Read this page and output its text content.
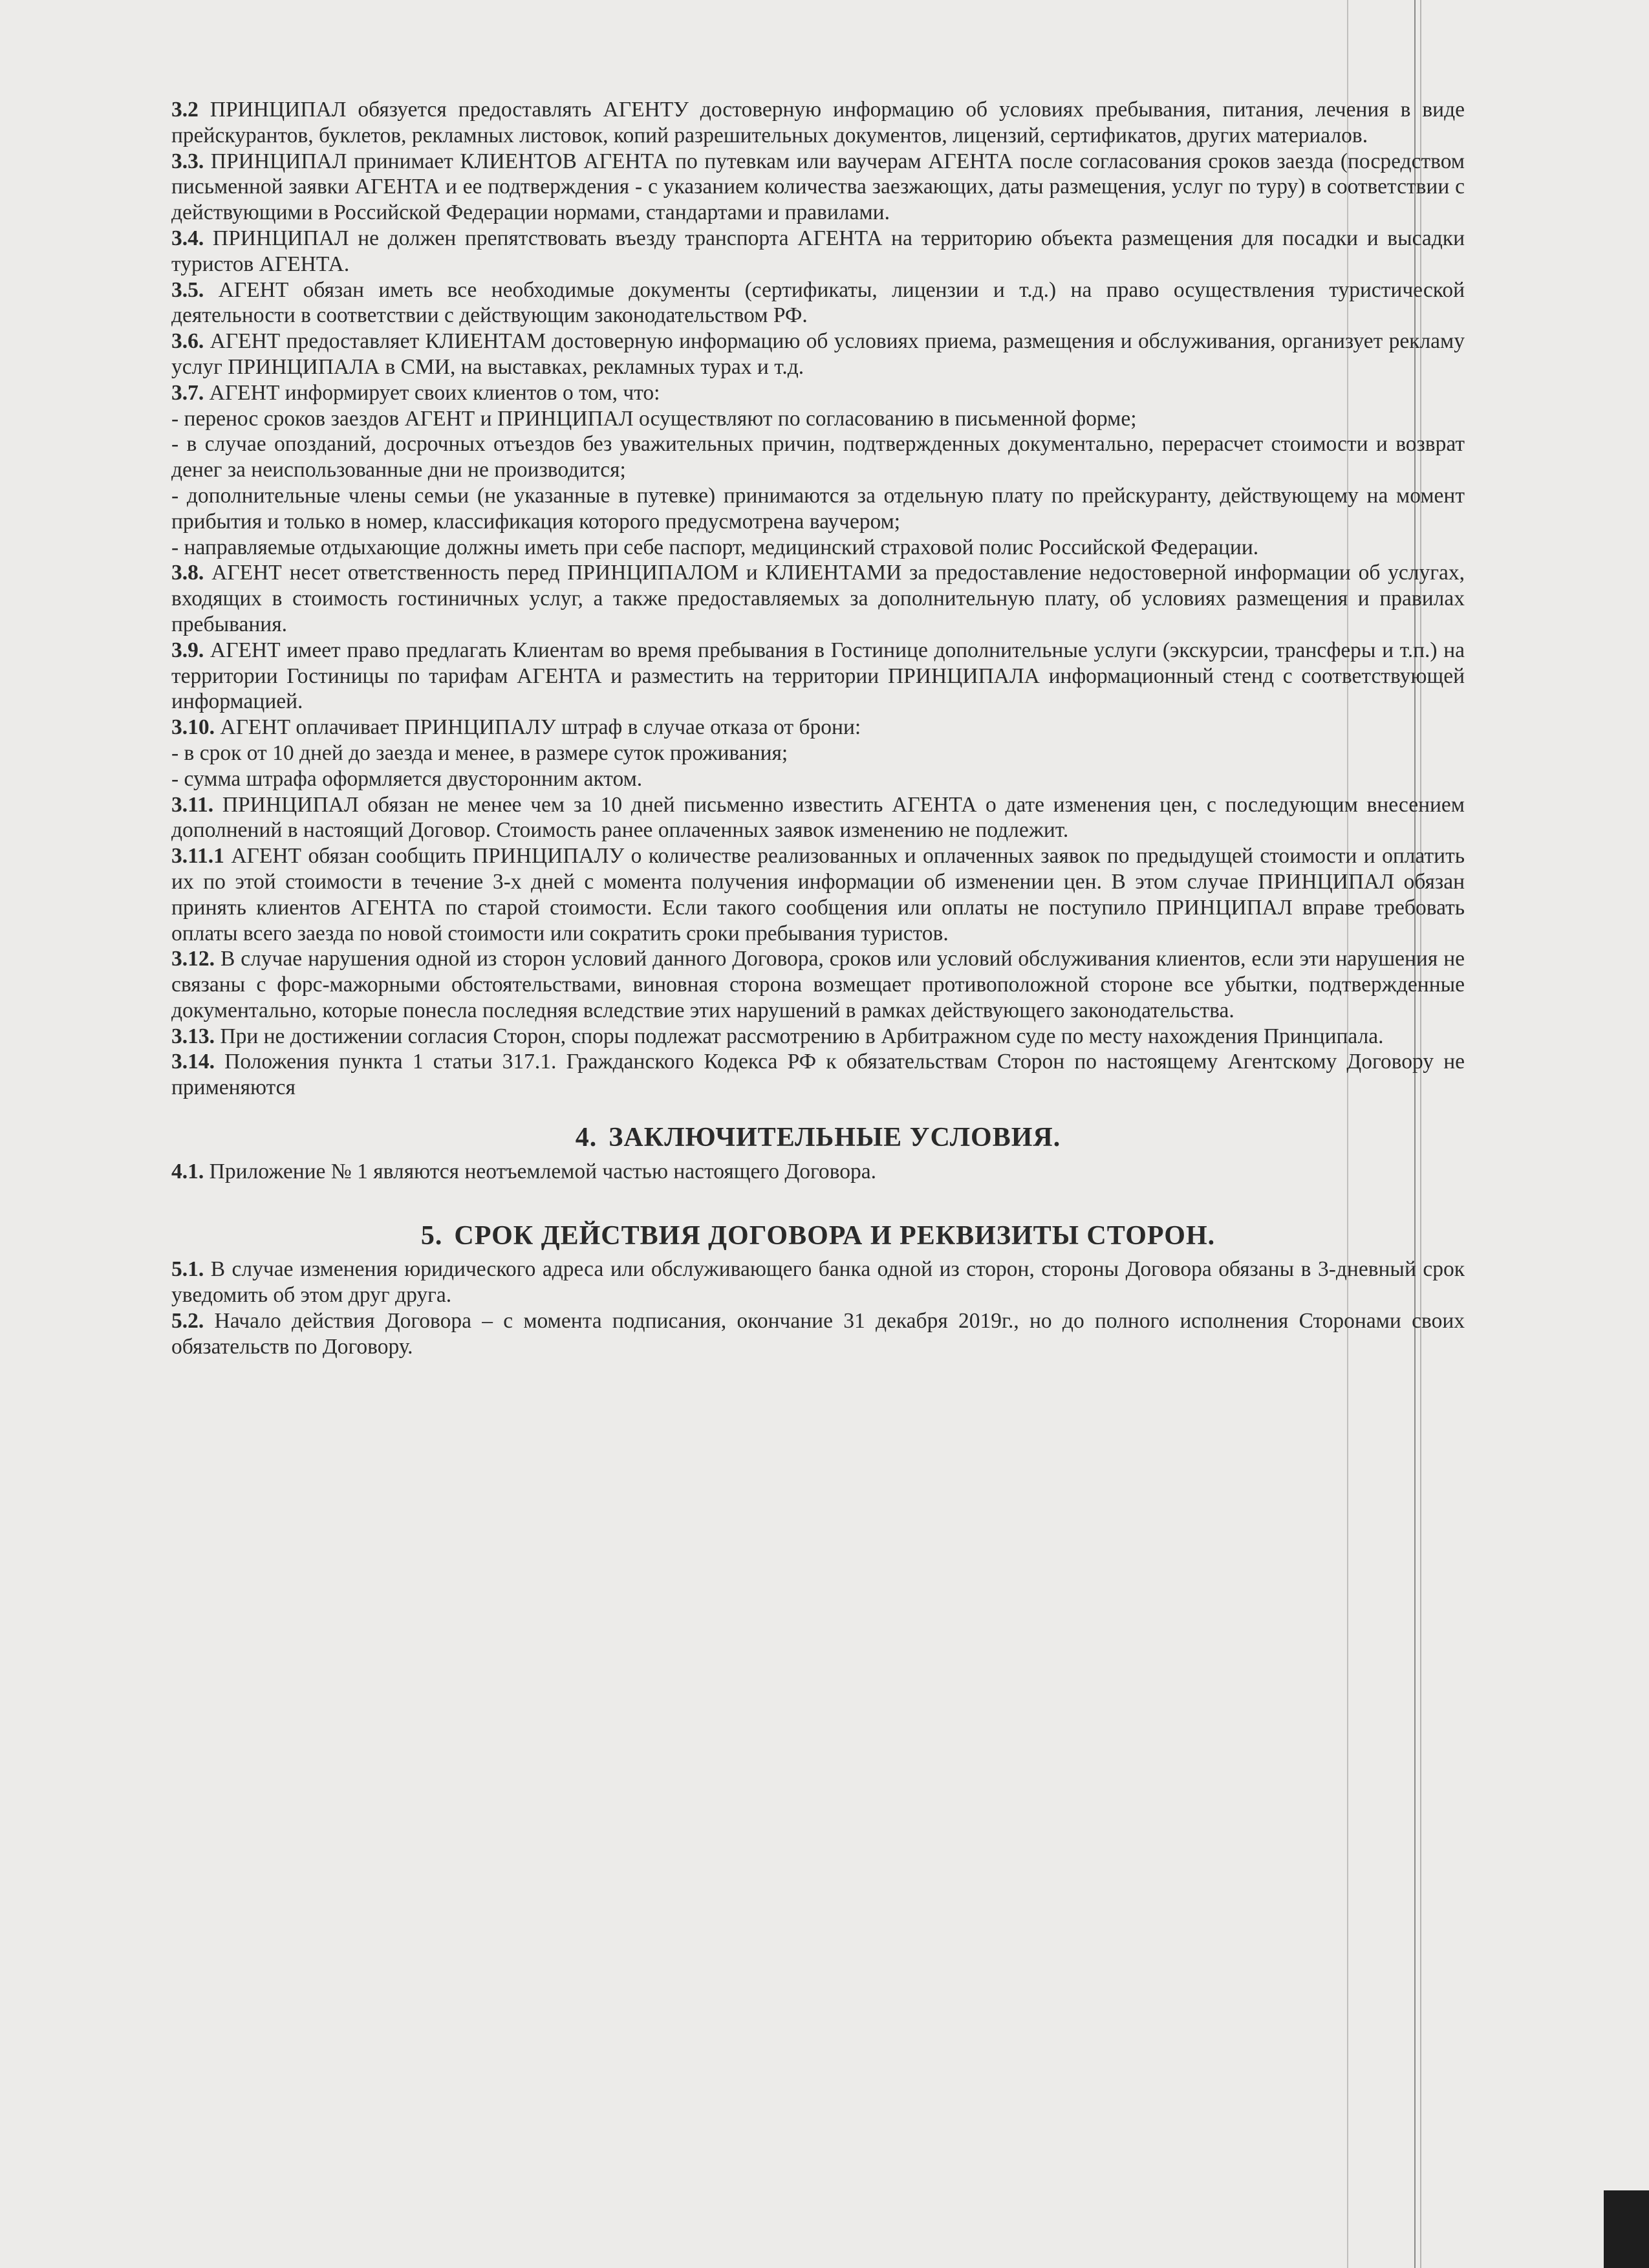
3.2 ПРИНЦИПАЛ обязуется предоставлять АГЕНТУ достоверную информацию об условиях пребывания, питания, лечения в виде прейскурантов, буклетов, рекламных листовок, копий разрешительных документов, лицензий, сертификатов, других материалов.

3.3. ПРИНЦИПАЛ принимает КЛИЕНТОВ АГЕНТА по путевкам или ваучерам АГЕНТА после согласования сроков заезда (посредством письменной заявки АГЕНТА и ее подтверждения - с указанием количества заезжающих, даты размещения, услуг по туру) в соответствии с действующими в Российской Федерации нормами, стандартами и правилами.

3.4. ПРИНЦИПАЛ не должен препятствовать въезду транспорта АГЕНТА на территорию объекта размещения для посадки и высадки туристов АГЕНТА.

3.5. АГЕНТ обязан иметь все необходимые документы (сертификаты, лицензии и т.д.) на право осуществления туристической деятельности в соответствии с действующим законодательством РФ.

3.6. АГЕНТ предоставляет КЛИЕНТАМ достоверную информацию об условиях приема, размещения и обслуживания, организует рекламу услуг ПРИНЦИПАЛА в СМИ, на выставках, рекламных турах и т.д.

3.7. АГЕНТ информирует своих клиентов о том, что:

- перенос сроков заездов АГЕНТ и ПРИНЦИПАЛ осуществляют по согласованию в письменной форме;

- в случае опозданий, досрочных отъездов без уважительных причин, подтвержденных документально, перерасчет стоимости и возврат денег за неиспользованные дни не производится;

- дополнительные члены семьи (не указанные в путевке) принимаются за отдельную плату по прейскуранту, действующему на момент прибытия и только в номер, классификация которого предусмотрена ваучером;

- направляемые отдыхающие должны иметь при себе паспорт, медицинский страховой полис Российской Федерации.

3.8. АГЕНТ несет ответственность перед ПРИНЦИПАЛОМ и КЛИЕНТАМИ за предоставление недостоверной информации об услугах, входящих в стоимость гостиничных услуг, а также предоставляемых за дополнительную плату, об условиях размещения и правилах пребывания.

3.9. АГЕНТ имеет право предлагать Клиентам во время пребывания в Гостинице дополнительные услуги (экскурсии, трансферы и т.п.) на территории Гостиницы по тарифам АГЕНТА и разместить на территории ПРИНЦИПАЛА информационный стенд с соответствующей информацией.

3.10. АГЕНТ оплачивает ПРИНЦИПАЛУ штраф в случае отказа от брони:

- в срок от 10 дней до заезда и менее, в размере суток проживания;

- сумма штрафа оформляется двусторонним актом.

3.11. ПРИНЦИПАЛ обязан не менее чем за 10 дней письменно известить АГЕНТА о дате изменения цен, с последующим внесением дополнений в настоящий Договор. Стоимость ранее оплаченных заявок изменению не подлежит.

3.11.1 АГЕНТ обязан сообщить ПРИНЦИПАЛУ о количестве реализованных и оплаченных заявок по предыдущей стоимости и оплатить их по этой стоимости в течение 3-х дней с момента получения информации об изменении цен. В этом случае ПРИНЦИПАЛ обязан принять клиентов АГЕНТА по старой стоимости. Если такого сообщения или оплаты не поступило ПРИНЦИПАЛ вправе требовать оплаты всего заезда по новой стоимости или сократить сроки пребывания туристов.

3.12. В случае нарушения одной из сторон условий данного Договора, сроков или условий обслуживания клиентов, если эти нарушения не связаны с форс-мажорными обстоятельствами, виновная сторона возмещает противоположной стороне все убытки, подтвержденные документально, которые понесла последняя вследствие этих нарушений в рамках действующего законодательства.

3.13. При не достижении согласия Сторон, споры подлежат рассмотрению в Арбитражном суде по месту нахождения Принципала.

3.14. Положения пункта 1 статьи 317.1. Гражданского Кодекса РФ к обязательствам Сторон по настоящему Агентскому Договору не применяются

4. ЗАКЛЮЧИТЕЛЬНЫЕ УСЛОВИЯ.

4.1. Приложение № 1 являются неотъемлемой частью настоящего Договора.

5. СРОК ДЕЙСТВИЯ ДОГОВОРА И РЕКВИЗИТЫ СТОРОН.

5.1. В случае изменения юридического адреса или обслуживающего банка одной из сторон, стороны Договора обязаны в 3-дневный срок уведомить об этом друг друга.

5.2. Начало действия Договора – с момента подписания, окончание 31 декабря 2019г., но до полного исполнения Сторонами своих обязательств по Договору.
